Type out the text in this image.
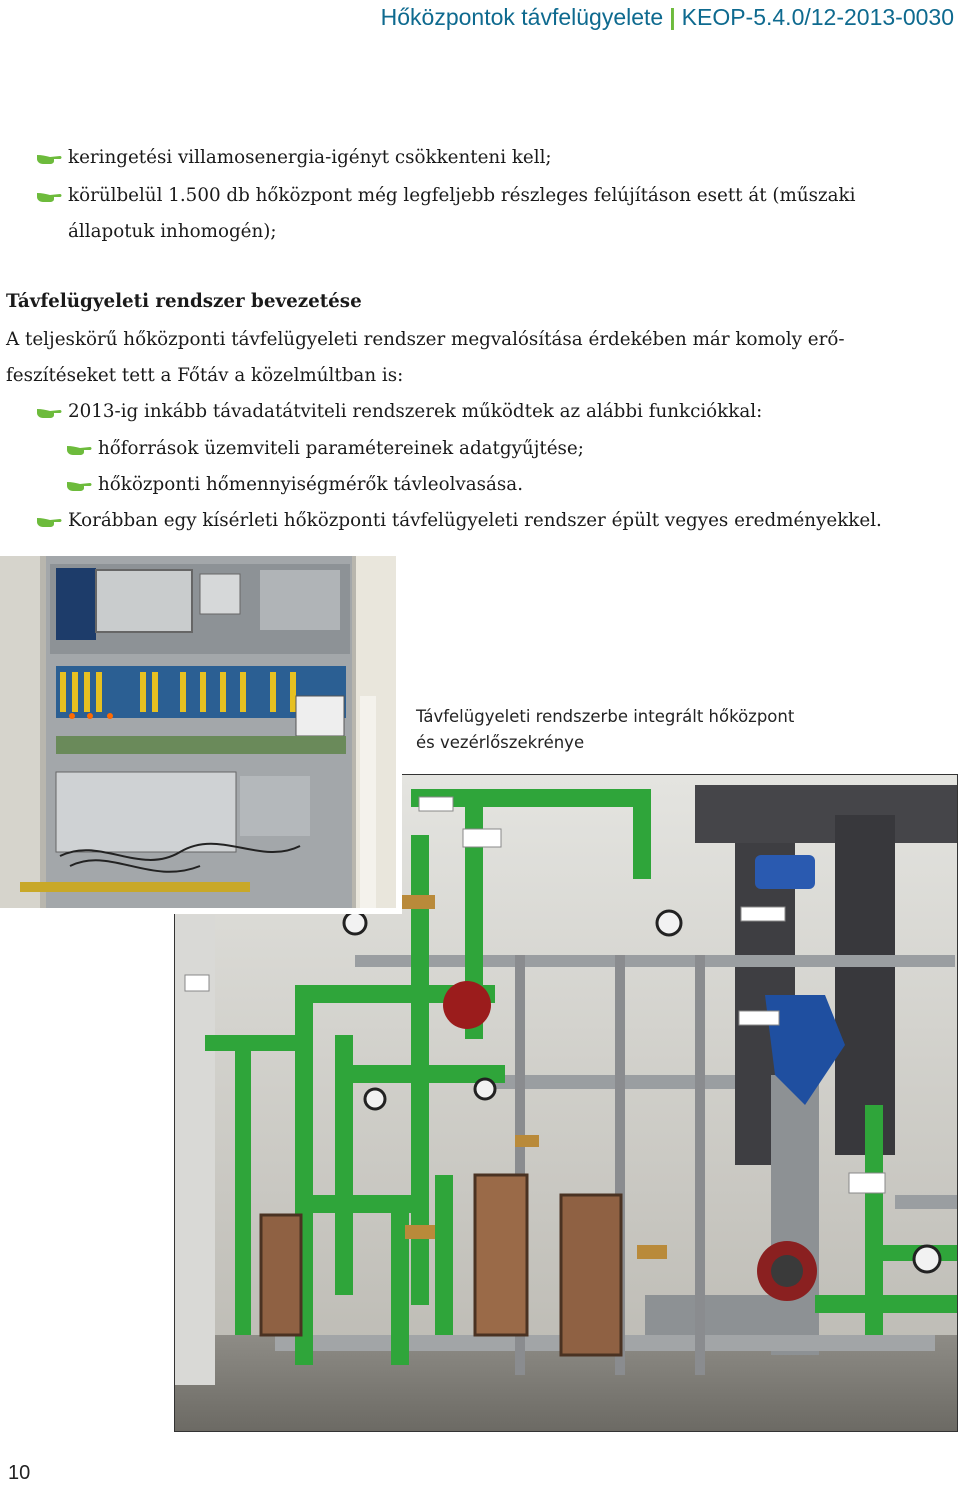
Hőközpontok távfelügyelete | KEOP-5.4.0/12-2013-0030
keringetési villamosenergia-igényt csökkenteni kell;
körülbelül 1.500 db hőközpont még legfeljebb részleges felújításon esett át (műszaki
állapotuk inhomogén);
Távfelügyeleti rendszer bevezetése
A teljeskörű hőközponti távfelügyeleti rendszer megvalósítása érdekében már komoly erő-
feszítéseket tett a Főtáv a közelmúltban is:
2013-ig inkább távadatátviteli rendszerek működtek az alábbi funkciókkal:
hőforrások üzemviteli paramétereinek adatgyűjtése;
hőközponti hőmennyiségmérők távleolvasása.
Korábban egy kísérleti hőközponti távfelügyeleti rendszer épült vegyes eredményekkel.
Távfelügyeleti rendszerbe integrált hőközpont
és vezérlőszekrénye
10
